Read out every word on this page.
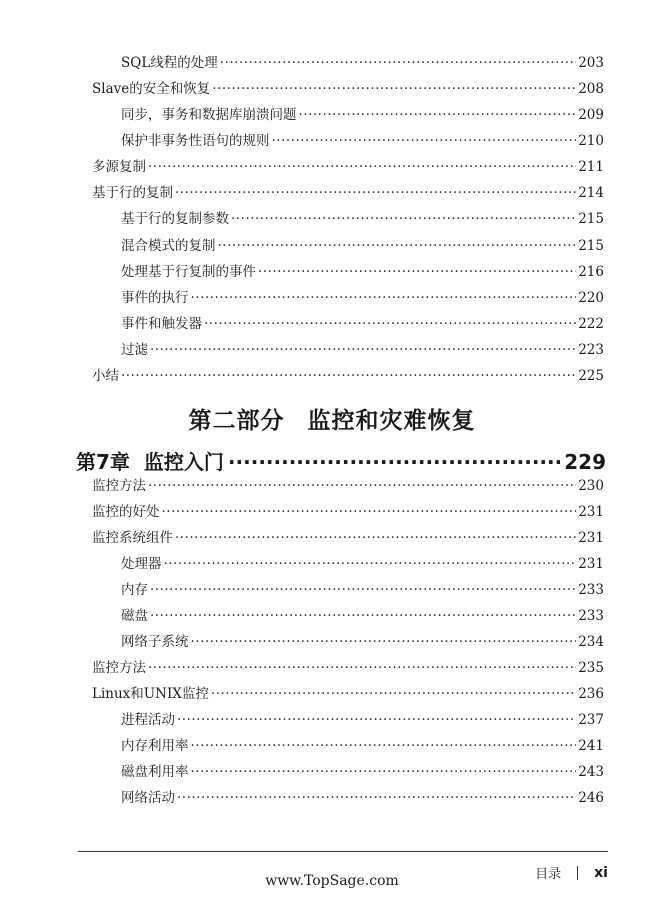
SQL线程的处理 ·····	203
Slave的安全和恢复 ·····	208
同步，事务和数据库崩溃问题 ·····	209
保护非事务性语句的规则 ·····	210
多源复制 ·····	211
基于行的复制 ·····	214
基于行的复制参数 ·····	215
混合模式的复制 ·····	215
处理基于行复制的事件 ·····	216
事件的执行 ·····	220
事件和触发器 ·····	222
过滤 ·····	223
小结 ·····	225
第二部分 监控和灾难恢复
第7章 监控入门 ·····	229
监控方法 ·····	230
监控的好处 ·····	231
监控系统组件 ·····	231
处理器 ·····	231
内存 ·····	233
磁盘 ·····	233
网络子系统 ·····	234
监控方法 ·····	235
Linux和UNIX监控 ·····	236
进程活动 ·····	237
内存利用率 ·····	241
磁盘利用率 ·····	243
网络活动 ·····	246
目录 xi
www.TopSage.com
